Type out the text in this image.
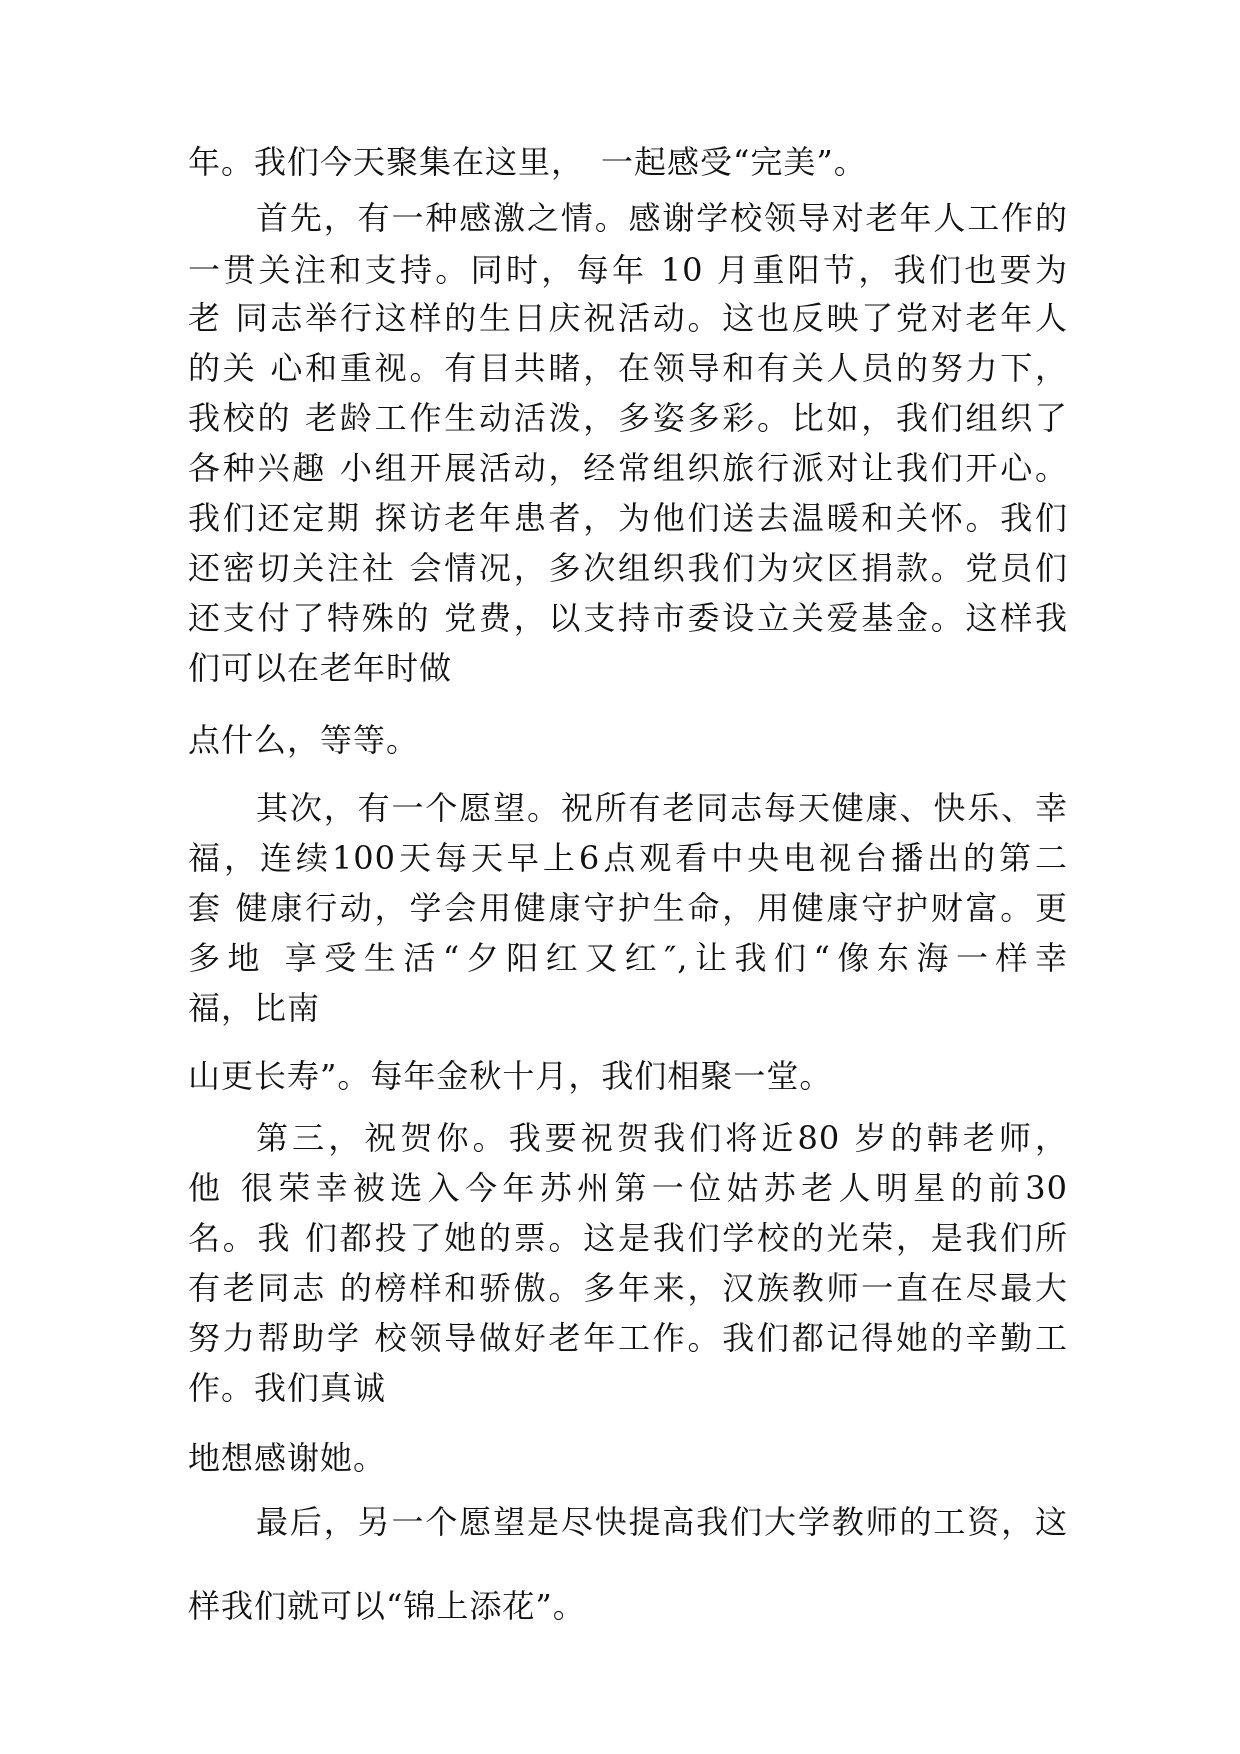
年。我们今天聚集在这里，　一起感受“完美”。
首先，有一种感激之情。感谢学校领导对老年人工作的
一贯关注和支持。同时，每年 10 月重阳节，我们也要为
老 同志举行这样的生日庆祝活动。这也反映了党对老年人
的关 心和重视。有目共睹，在领导和有关人员的努力下，
我校的 老龄工作生动活泼，多姿多彩。比如，我们组织了
各种兴趣 小组开展活动，经常组织旅行派对让我们开心。
我们还定期 探访老年患者，为他们送去温暖和关怀。我们
还密切关注社 会情况，多次组织我们为灾区捐款。党员们
还支付了特殊的 党费，以支持市委设立关爱基金。这样我
们可以在老年时做
点什么，等等。
其次，有一个愿望。祝所有老同志每天健康、快乐、幸
福，连续100天每天早上6点观看中央电视台播出的第二
套 健康行动，学会用健康守护生命，用健康守护财富。更
多地 享受生活“夕阳红又红″,让我们“像东海一样幸
福，比南
山更长寿”。每年金秋十月，我们相聚一堂。
第三，祝贺你。我要祝贺我们将近80 岁的韩老师，
他 很荣幸被选入今年苏州第一位姑苏老人明星的前30
名。我 们都投了她的票。这是我们学校的光荣，是我们所
有老同志 的榜样和骄傲。多年来，汉族教师一直在尽最大
努力帮助学 校领导做好老年工作。我们都记得她的辛勤工
作。我们真诚
地想感谢她。
最后，另一个愿望是尽快提高我们大学教师的工资，这
样我们就可以“锦上添花”。
